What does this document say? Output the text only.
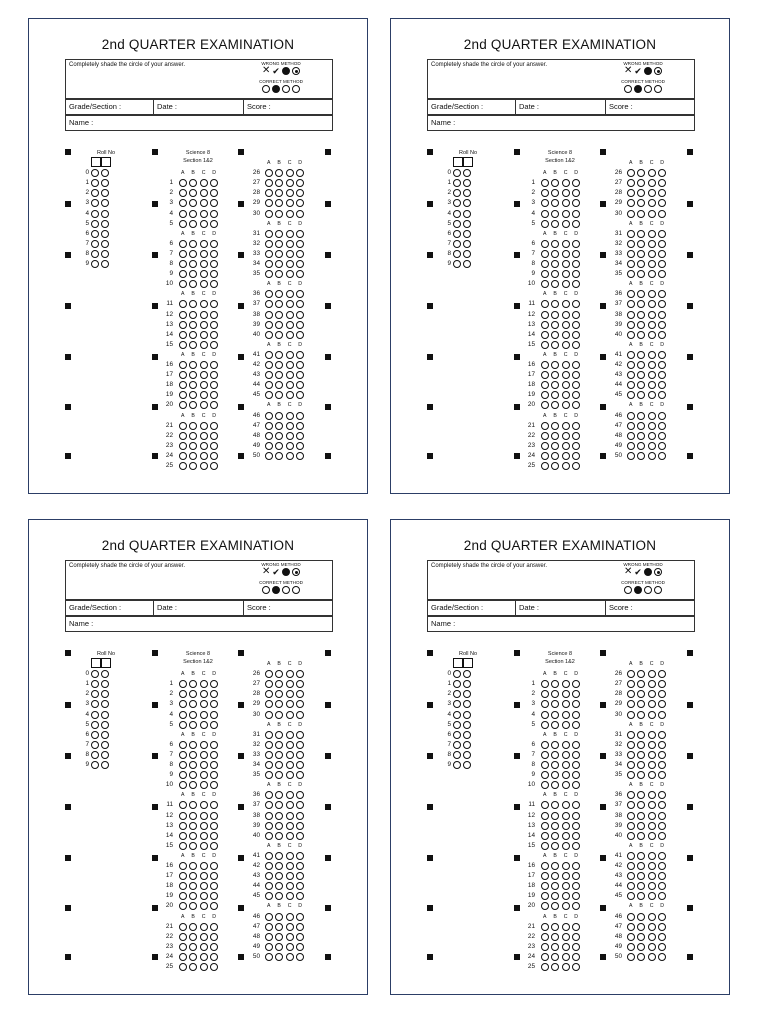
2nd QUARTER EXAMINATION
Completely shade the circle of your answer.	WRONG METHOD
✕ ✔
CORRECT METHOD
Grade/Section :	Date :	Score :
Name :
Roll No
0
1
2
3
4
5
6
7
8
9
Science 8
Section 1&2	A B C D
A B C D
1
2
3
4
5
A B C D
6
7
8
9
10
A B C D
11
12
13
14
15
A B C D
16
17
18
19
20
A B C D
21
22
23
24
25
26
27
28
29
30
A B C D
31
32
33
34
35
A B C D
36
37
38
39
40
A B C D
41
42
43
44
45
A B C D
46
47
48
49
50
2nd QUARTER EXAMINATION
Completely shade the circle of your answer.	WRONG METHOD
✕ ✔
CORRECT METHOD
Grade/Section :	Date :	Score :
Name :
Roll No
0
1
2
3
4
5
6
7
8
9
Science 8
Section 1&2	A B C D
A B C D
1
2
3
4
5
A B C D
6
7
8
9
10
A B C D
11
12
13
14
15
A B C D
16
17
18
19
20
A B C D
21
22
23
24
25
26
27
28
29
30
A B C D
31
32
33
34
35
A B C D
36
37
38
39
40
A B C D
41
42
43
44
45
A B C D
46
47
48
49
50
2nd QUARTER EXAMINATION
Completely shade the circle of your answer.	WRONG METHOD
✕ ✔
CORRECT METHOD
Grade/Section :	Date :	Score :
Name :
Roll No
0
1
2
3
4
5
6
7
8
9
Science 8
Section 1&2	A B C D
A B C D
1
2
3
4
5
A B C D
6
7
8
9
10
A B C D
11
12
13
14
15
A B C D
16
17
18
19
20
A B C D
21
22
23
24
25
26
27
28
29
30
A B C D
31
32
33
34
35
A B C D
36
37
38
39
40
A B C D
41
42
43
44
45
A B C D
46
47
48
49
50
2nd QUARTER EXAMINATION
Completely shade the circle of your answer.	WRONG METHOD
✕ ✔
CORRECT METHOD
Grade/Section :	Date :	Score :
Name :
Roll No
0
1
2
3
4
5
6
7
8
9
Science 8
Section 1&2	A B C D
A B C D
1
2
3
4
5
A B C D
6
7
8
9
10
A B C D
11
12
13
14
15
A B C D
16
17
18
19
20
A B C D
21
22
23
24
25
26
27
28
29
30
A B C D
31
32
33
34
35
A B C D
36
37
38
39
40
A B C D
41
42
43
44
45
A B C D
46
47
48
49
50
